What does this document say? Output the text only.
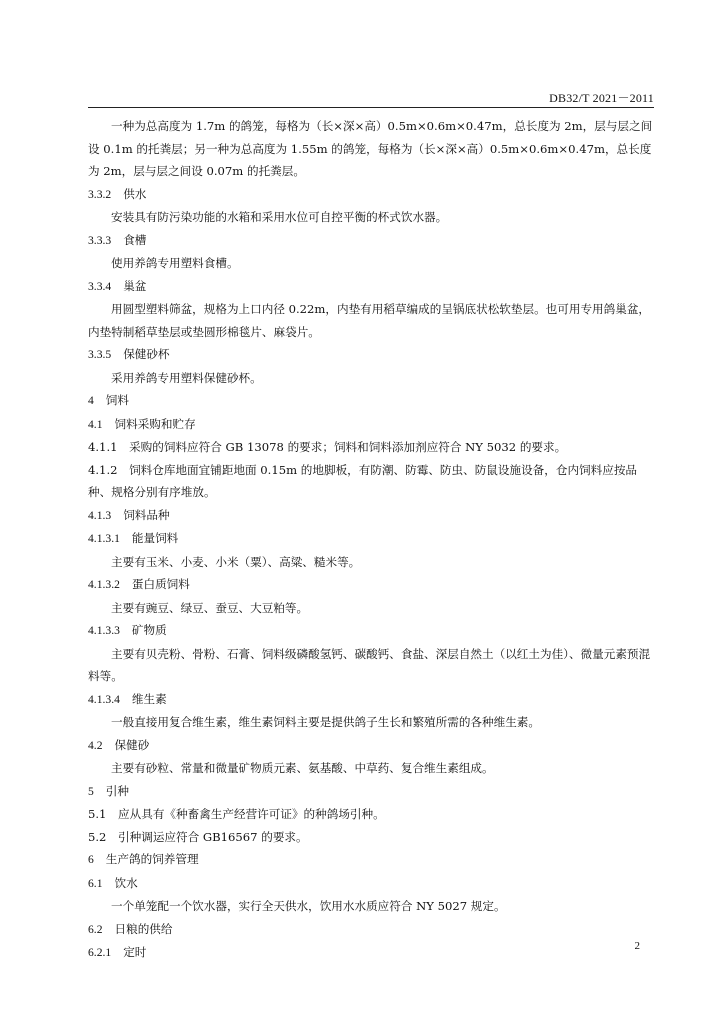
DB32/T 2021－2011

一种为总高度为 1.7m 的鸽笼，每格为（长×深×高）0.5m×0.6m×0.47m，总长度为 2m，层与层之间设 0.1m 的托粪层；另一种为总高度为 1.55m 的鸽笼，每格为（长×深×高）0.5m×0.6m×0.47m，总长度为 2m，层与层之间设 0.07m 的托粪层。

3.3.2 供水

安装具有防污染功能的水箱和采用水位可自控平衡的杯式饮水器。

3.3.3 食槽

使用养鸽专用塑料食槽。

3.3.4 巢盆

用圆型塑料筛盆，规格为上口内径 0.22m，内垫有用稻草编成的呈锅底状松软垫层。也可用专用鸽巢盆，内垫特制稻草垫层或垫圆形棉毯片、麻袋片。

3.3.5 保健砂杯

采用养鸽专用塑料保健砂杯。

4 饲料

4.1 饲料采购和贮存

4.1.1　采购的饲料应符合 GB 13078 的要求；饲料和饲料添加剂应符合 NY 5032 的要求。

4.1.2　饲料仓库地面宜铺距地面 0.15m 的地脚板，有防潮、防霉、防虫、防鼠设施设备，仓内饲料应按品种、规格分别有序堆放。

4.1.3 饲料品种

4.1.3.1 能量饲料

主要有玉米、小麦、小米（粟）、高粱、糙米等。

4.1.3.2 蛋白质饲料

主要有豌豆、绿豆、蚕豆、大豆粕等。

4.1.3.3 矿物质

主要有贝壳粉、骨粉、石膏、饲料级磷酸氢钙、碳酸钙、食盐、深层自然土（以红土为佳）、微量元素预混料等。

4.1.3.4 维生素

一般直接用复合维生素，维生素饲料主要是提供鸽子生长和繁殖所需的各种维生素。

4.2 保健砂

主要有砂粒、常量和微量矿物质元素、氨基酸、中草药、复合维生素组成。

5 引种

5.1　应从具有《种畜禽生产经营许可证》的种鸽场引种。

5.2　引种调运应符合 GB16567 的要求。

6 生产鸽的饲养管理

6.1 饮水

一个单笼配一个饮水器，实行全天供水，饮用水水质应符合 NY 5027 规定。

6.2 日粮的供给

6.2.1 定时	2
